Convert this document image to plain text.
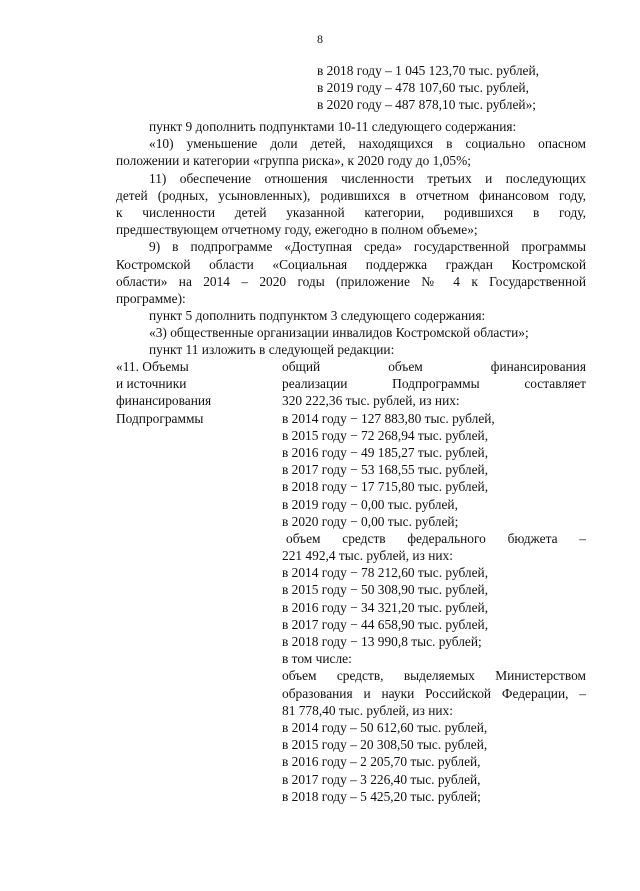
8
в 2018 году – 1 045 123,70 тыс. рублей,
в 2019 году – 478 107,60 тыс. рублей,
в 2020 году – 487 878,10 тыс. рублей»;
пункт 9 дополнить подпунктами 10-11 следующего содержания:
«10) уменьшение доли детей, находящихся в социально опасном
положении и категории «группа риска», к 2020 году до 1,05%;
11) обеспечение отношения численности третьих и последующих
детей (родных, усыновленных), родившихся в отчетном финансовом году,
к численности детей указанной категории, родившихся в году,
предшествующем отчетному году, ежегодно в полном объеме»;
9) в подпрограмме «Доступная среда» государственной программы
Костромской области «Социальная поддержка граждан Костромской
области» на 2014 – 2020 годы (приложение № 4 к Государственной
программе):
пункт 5 дополнить подпунктом 3 следующего содержания:
«3) общественные организации инвалидов Костромской области»;
пункт 11 изложить в следующей редакции:
«11. Объемы
и источники
финансирования
Подпрограммы
общий объем финансирования
реализации Подпрограммы составляет
320 222,36 тыс. рублей, из них:
в 2014 году − 127 883,80 тыс. рублей,
в 2015 году − 72 268,94 тыс. рублей,
в 2016 году − 49 185,27 тыс. рублей,
в 2017 году − 53 168,55 тыс. рублей,
в 2018 году − 17 715,80 тыс. рублей,
в 2019 году − 0,00 тыс. рублей,
в 2020 году − 0,00 тыс. рублей;
объем средств федерального бюджета –
221 492,4 тыс. рублей, из них:
в 2014 году − 78 212,60 тыс. рублей,
в 2015 году − 50 308,90 тыс. рублей,
в 2016 году − 34 321,20 тыс. рублей,
в 2017 году − 44 658,90 тыс. рублей,
в 2018 году − 13 990,8 тыс. рублей;
в том числе:
объем средств, выделяемых Министерством
образования и науки Российской Федерации, –
81 778,40 тыс. рублей, из них:
в 2014 году – 50 612,60 тыс. рублей,
в 2015 году – 20 308,50 тыс. рублей,
в 2016 году – 2 205,70 тыс. рублей,
в 2017 году – 3 226,40 тыс. рублей,
в 2018 году – 5 425,20 тыс. рублей;
